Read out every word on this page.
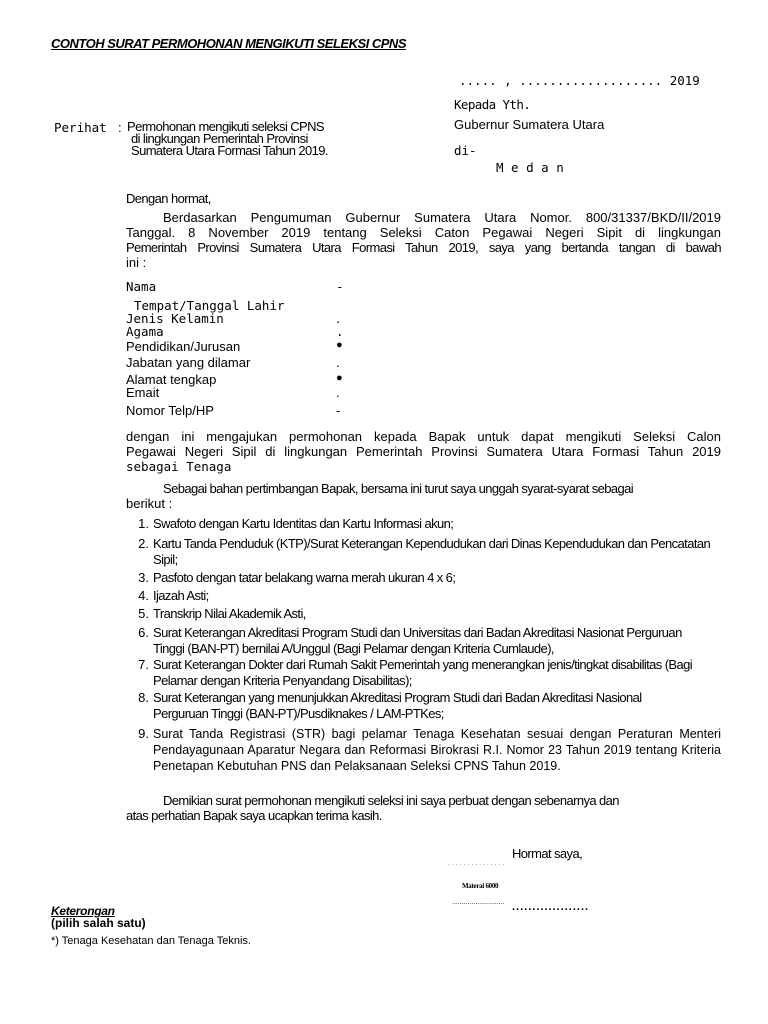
CONTOH SURAT PERMOHONAN MENGIKUTI SELEKSI CPNS
..... , ................... 2019
Kepada Yth.
Gubernur Sumatera Utara
di-
M e d a n
Perihat : Permohonan mengikuti seleksi CPNS
di lingkungan Pemerintah Provinsi
Sumatera Utara Formasi Tahun 2019.
Dengan hormat,
Berdasarkan Pengumuman Gubernur Sumatera Utara Nomor. 800/31337/BKD/II/2019
Tanggal. 8 November 2019 tentang Seleksi Caton Pegawai Negeri Sipit di lingkungan
Pemerintah Provinsi Sumatera Utara Formasi Tahun 2019, saya yang bertanda tangan di bawah
ini :
Nama	-
Tempat/Tanggal Lahir
Jenis Kelamin	․
Agama	.
Pendidikan/Jurusan	●
Jabatan yang dilamar	.
Alamat tengkap	●
Emait	.
Nomor Telp/HP	-
dengan ini mengajukan permohonan kepada Bapak untuk dapat mengikuti Seleksi Calon
Pegawai Negeri Sipil di lingkungan Pemerintah Provinsi Sumatera Utara Formasi Tahun 2019
sebagai Tenaga
Sebagai bahan pertimbangan Bapak, bersama ini turut saya unggah syarat-syarat sebagai
berikut :
1. Swafoto dengan Kartu Identitas dan Kartu Informasi akun;
2. Kartu Tanda Penduduk (KTP)/Surat Keterangan Kependudukan dari Dinas Kependudukan dan Pencatatan Sipil;
3. Pasfoto dengan tatar belakang warna merah ukuran 4 x 6;
4. Ijazah Asti;
5. Transkrip Nilai Akademik Asti,
6. Surat Keterangan Akreditasi Program Studi dan Universitas dari Badan Akreditasi Nasionat Perguruan Tinggi (BAN-PT) bernilai A/Unggul (Bagi Pelamar dengan Kriteria Cumlaude),
7. Surat Keterangan Dokter dari Rumah Sakit Pemerintah yang menerangkan jenis/tingkat disabilitas (Bagi Pelamar dengan Kriteria Penyandang Disabilitas);
8. Surat Keterangan yang menunjukkan Akreditasi Program Studi dari Badan Akreditasi Nasional Perguruan Tinggi (BAN-PT)/Pusdiknakes / LAM-PTKes;
9. Surat Tanda Registrasi (STR) bagi pelamar Tenaga Kesehatan sesuai dengan Peraturan Menteri Pendayagunaan Aparatur Negara dan Reformasi Birokrasi R.I. Nomor 23 Tahun 2019 tentang Kriteria Penetapan Kebutuhan PNS dan Pelaksanaan Seleksi CPNS Tahun 2019.
Demikian surat permohonan mengikuti seleksi ini saya perbuat dengan sebenarnya dan
atas perhatian Bapak saya ucapkan terima kasih.
Hormat saya,
. . . . . . . . . . . . . . .
Materai 6000
........................... ...................
Keterongan
(pilih salah satu)
*) Tenaga Kesehatan dan Tenaga Teknis.
